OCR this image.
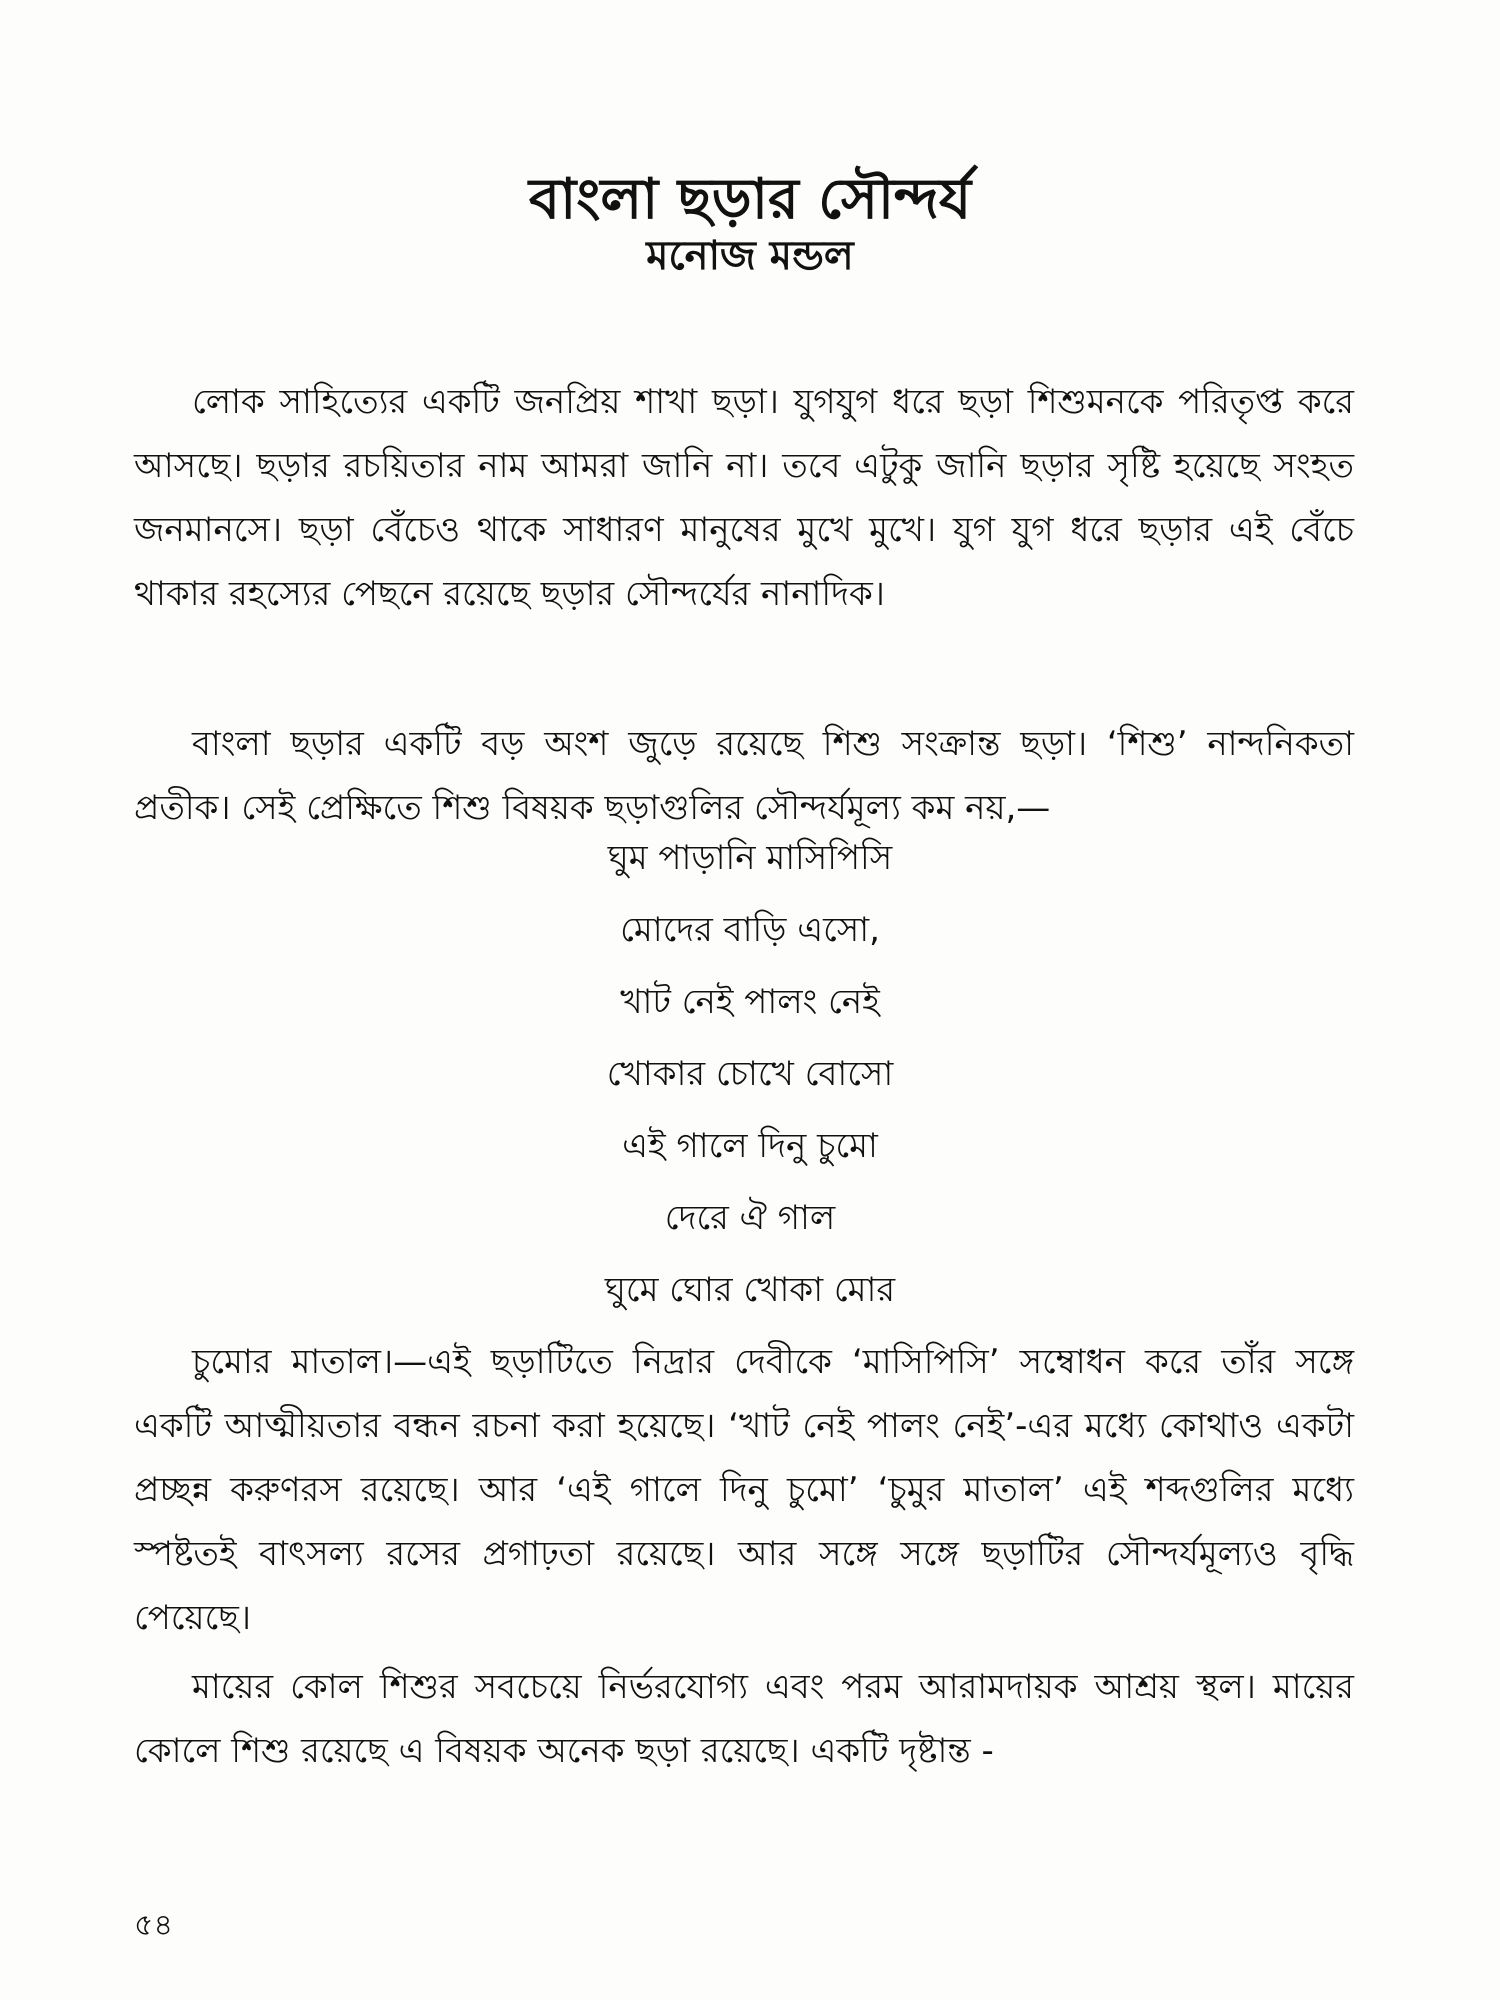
বাংলা ছড়ার সৌন্দর্য
মনোজ মন্ডল

লোক সাহিত্যের একটি জনপ্রিয় শাখা ছড়া। যুগযুগ ধরে ছড়া শিশুমনকে পরিতৃপ্ত করে আসছে। ছড়ার রচয়িতার নাম আমরা জানি না। তবে এটুকু জানি ছড়ার সৃষ্টি হয়েছে সংহত জনমানসে। ছড়া বেঁচেও থাকে সাধারণ মানুষের মুখে মুখে। যুগ যুগ ধরে ছড়ার এই বেঁচে থাকার রহস্যের পেছনে রয়েছে ছড়ার সৌন্দর্যের নানাদিক।

বাংলা ছড়ার একটি বড় অংশ জুড়ে রয়েছে শিশু সংক্রান্ত ছড়া। ‘শিশু’ নান্দনিকতা প্রতীক। সেই প্রেক্ষিতে শিশু বিষয়ক ছড়াগুলির সৌন্দর্যমূল্য কম নয়,—

ঘুম পাড়ানি মাসিপিসি
মোদের বাড়ি এসো,
খাট নেই পালং নেই
খোকার চোখে বোসো
এই গালে দিনু চুমো
দেরে ঐ গাল
ঘুমে ঘোর খোকা মোর

চুমোর মাতাল।—এই ছড়াটিতে নিদ্রার দেবীকে ‘মাসিপিসি’ সম্বোধন করে তাঁর সঙ্গে একটি আত্মীয়তার বন্ধন রচনা করা হয়েছে। ‘খাট নেই পালং নেই’-এর মধ্যে কোথাও একটা প্রচ্ছন্ন করুণরস রয়েছে। আর ‘এই গালে দিনু চুমো’ ‘চুমুর মাতাল’ এই শব্দগুলির মধ্যে স্পষ্টতই বাৎসল্য রসের প্রগাঢ়তা রয়েছে। আর সঙ্গে সঙ্গে ছড়াটির সৌন্দর্যমূল্যও বৃদ্ধি পেয়েছে।

মায়ের কোল শিশুর সবচেয়ে নির্ভরযোগ্য এবং পরম আরামদায়ক আশ্রয় স্থল। মায়ের কোলে শিশু রয়েছে এ বিষয়ক অনেক ছড়া রয়েছে। একটি দৃষ্টান্ত -

৫৪
